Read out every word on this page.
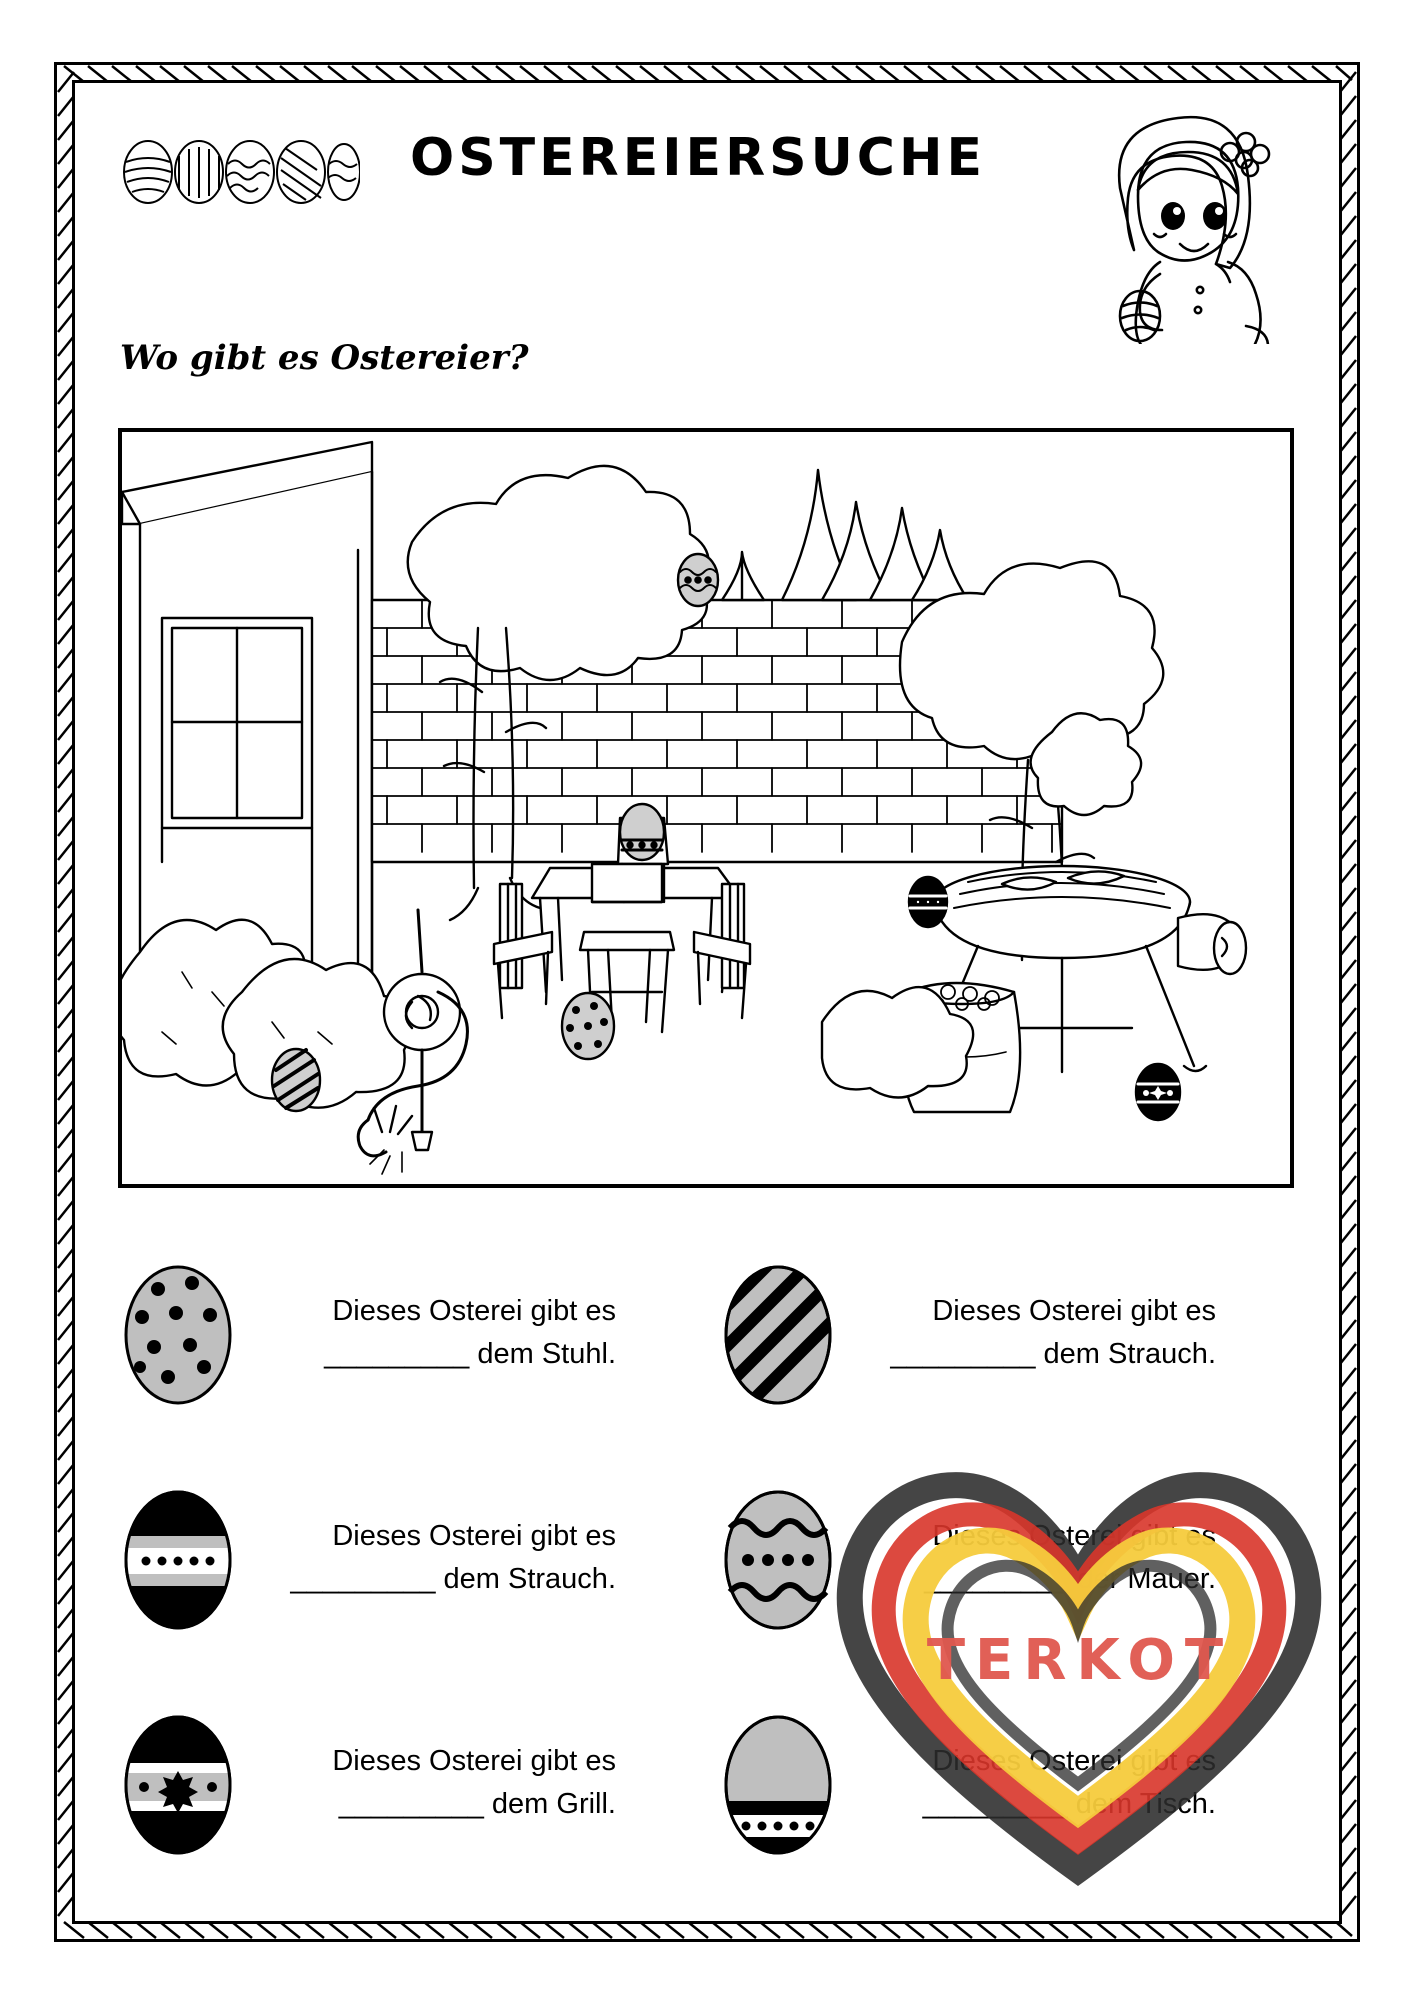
OSTEREIERSUCHE
Wo gibt es Ostereier?
Dieses Osterei gibt es
_________ dem Stuhl.
Dieses Osterei gibt es
_________ dem Strauch.
Dieses Osterei gibt es
_________ dem Strauch.
Dieses Osterei gibt es
_________ der Mauer.
Dieses Osterei gibt es
_________ dem Grill.
Dieses Osterei gibt es
_________ dem Tisch.
TERKOT
